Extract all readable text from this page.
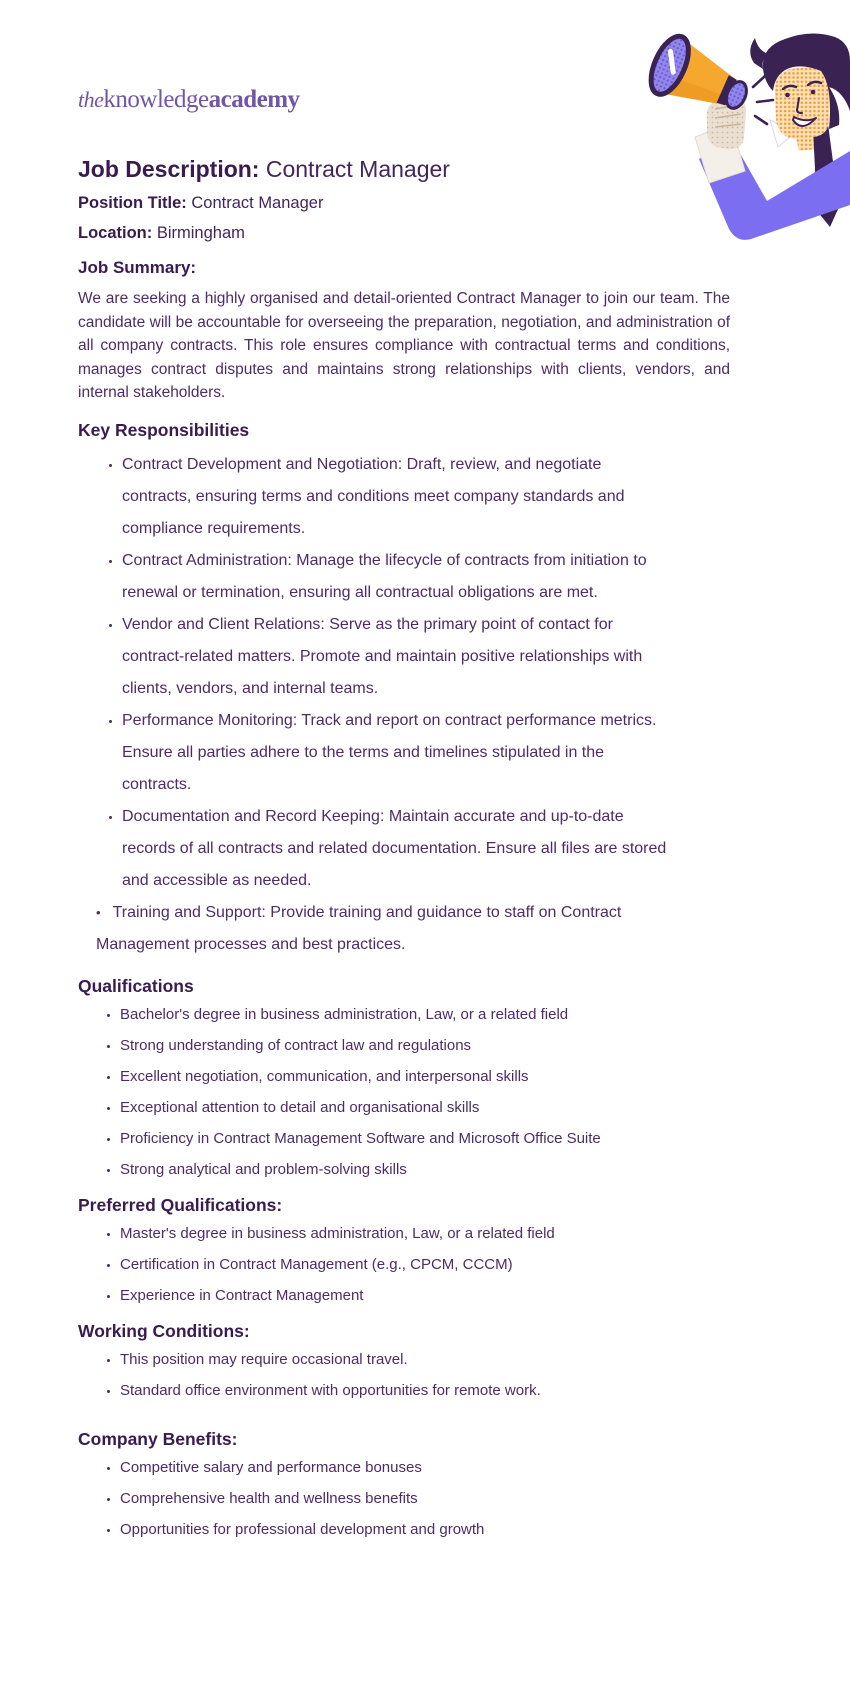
theknowledgeacademy
Job Description: Contract Manager
Position Title: Contract Manager
Location: Birmingham
Job Summary:

We are seeking a highly organised and detail-oriented Contract Manager to join our team. The candidate will be accountable for overseeing the preparation, negotiation, and administration of all company contracts. This role ensures compliance with contractual terms and conditions, manages contract disputes and maintains strong relationships with clients, vendors, and internal stakeholders.

Key Responsibilities
• Contract Development and Negotiation: Draft, review, and negotiate contracts, ensuring terms and conditions meet company standards and compliance requirements.
• Contract Administration: Manage the lifecycle of contracts from initiation to renewal or termination, ensuring all contractual obligations are met.
• Vendor and Client Relations: Serve as the primary point of contact for contract-related matters. Promote and maintain positive relationships with clients, vendors, and internal teams.
• Performance Monitoring: Track and report on contract performance metrics. Ensure all parties adhere to the terms and timelines stipulated in the contracts.
• Documentation and Record Keeping: Maintain accurate and up-to-date records of all contracts and related documentation. Ensure all files are stored and accessible as needed.
• Training and Support: Provide training and guidance to staff on Contract Management processes and best practices.
Qualifications
• Bachelor's degree in business administration, Law, or a related field
• Strong understanding of contract law and regulations
• Excellent negotiation, communication, and interpersonal skills
• Exceptional attention to detail and organisational skills
• Proficiency in Contract Management Software and Microsoft Office Suite
• Strong analytical and problem-solving skills
Preferred Qualifications:
• Master's degree in business administration, Law, or a related field
• Certification in Contract Management (e.g., CPCM, CCCM)
• Experience in Contract Management
Working Conditions:
• This position may require occasional travel.
• Standard office environment with opportunities for remote work.
Company Benefits:
• Competitive salary and performance bonuses
• Comprehensive health and wellness benefits
• Opportunities for professional development and growth
